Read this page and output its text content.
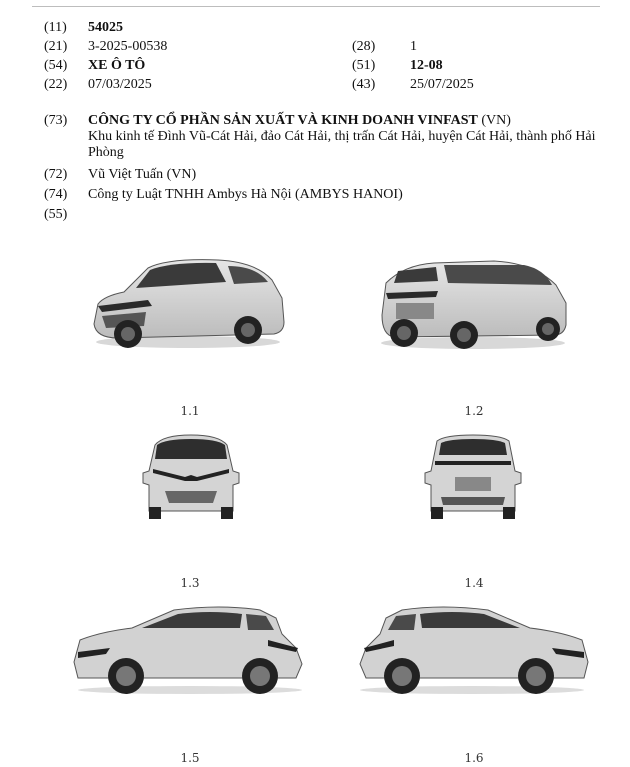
(11) 54025
(21) 3-2025-00538	(28) 1
(54) XE Ô TÔ	(51) 12-08
(22) 07/03/2025	(43) 25/07/2025
(73) CÔNG TY CỔ PHẦN SẢN XUẤT VÀ KINH DOANH VINFAST (VN)
Khu kinh tế Đình Vũ-Cát Hải, đảo Cát Hải, thị trấn Cát Hải, huyện Cát Hải, thành phố Hải Phòng
(72) Vũ Việt Tuấn (VN)
(74) Công ty Luật TNHH Ambys Hà Nội (AMBYS HANOI)
(55)
1.1	1.2
1.3	1.4
1.5	1.6
